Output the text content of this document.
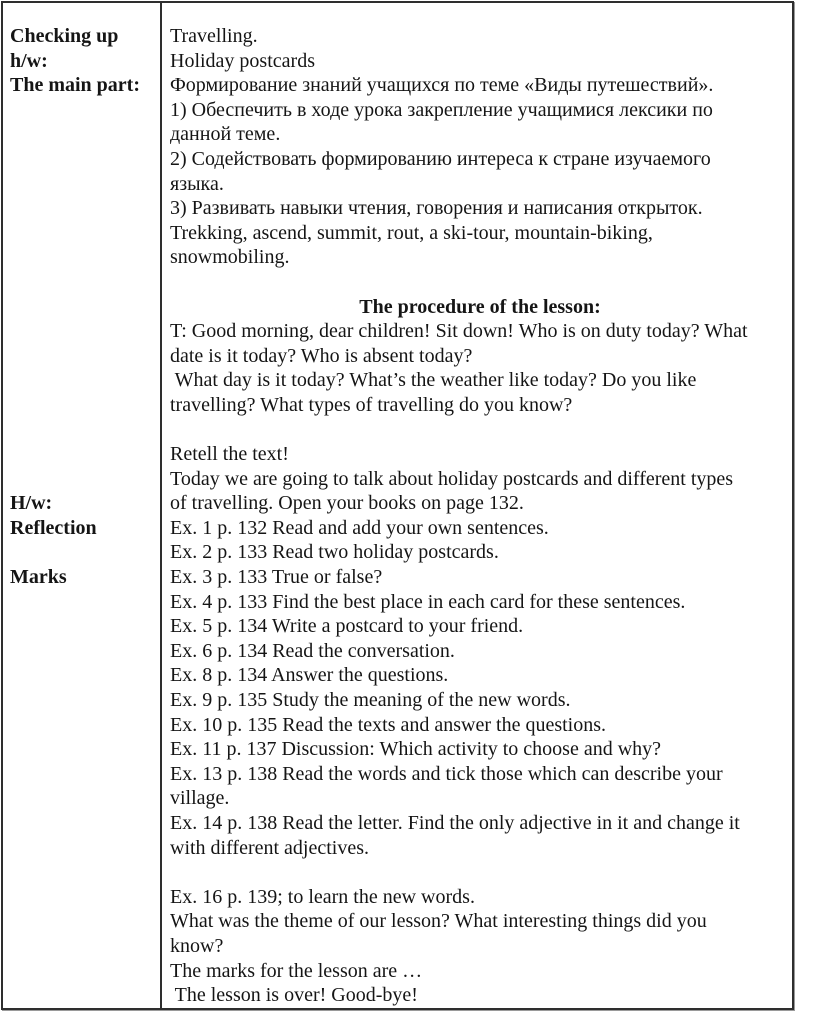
Checking up
h/w:
The main part:

H/w:
Reflection

Marks
Travelling.
Holiday postcards
Формирование знаний учащихся по теме «Виды путешествий».
1) Обеспечить в ходе урока закрепление учащимися лексики по
данной теме.
2) Содействовать формированию интереса к стране изучаемого
языка.
3) Развивать навыки чтения, говорения и написания открыток.
Trekking, ascend, summit, rout, a ski-tour, mountain-biking,
snowmobiling.

The procedure of the lesson:
T: Good morning, dear children! Sit down! Who is on duty today? What
date is it today? Who is absent today?
What day is it today? What’s the weather like today? Do you like
travelling? What types of travelling do you know?

Retell the text!
Today we are going to talk about holiday postcards and different types
of travelling. Open your books on page 132.
Ex. 1 p. 132 Read and add your own sentences.
Ex. 2 p. 133 Read two holiday postcards.
Ex. 3 p. 133 True or false?
Ex. 4 p. 133 Find the best place in each card for these sentences.
Ex. 5 p. 134 Write a postcard to your friend.
Ex. 6 p. 134 Read the conversation.
Ex. 8 p. 134 Answer the questions.
Ex. 9 p. 135 Study the meaning of the new words.
Ex. 10 p. 135 Read the texts and answer the questions.
Ex. 11 p. 137 Discussion: Which activity to choose and why?
Ex. 13 p. 138 Read the words and tick those which can describe your
village.
Ex. 14 p. 138 Read the letter. Find the only adjective in it and change it
with different adjectives.

Ex. 16 p. 139; to learn the new words.
What was the theme of our lesson? What interesting things did you
know?
The marks for the lesson are …
The lesson is over! Good-bye!
